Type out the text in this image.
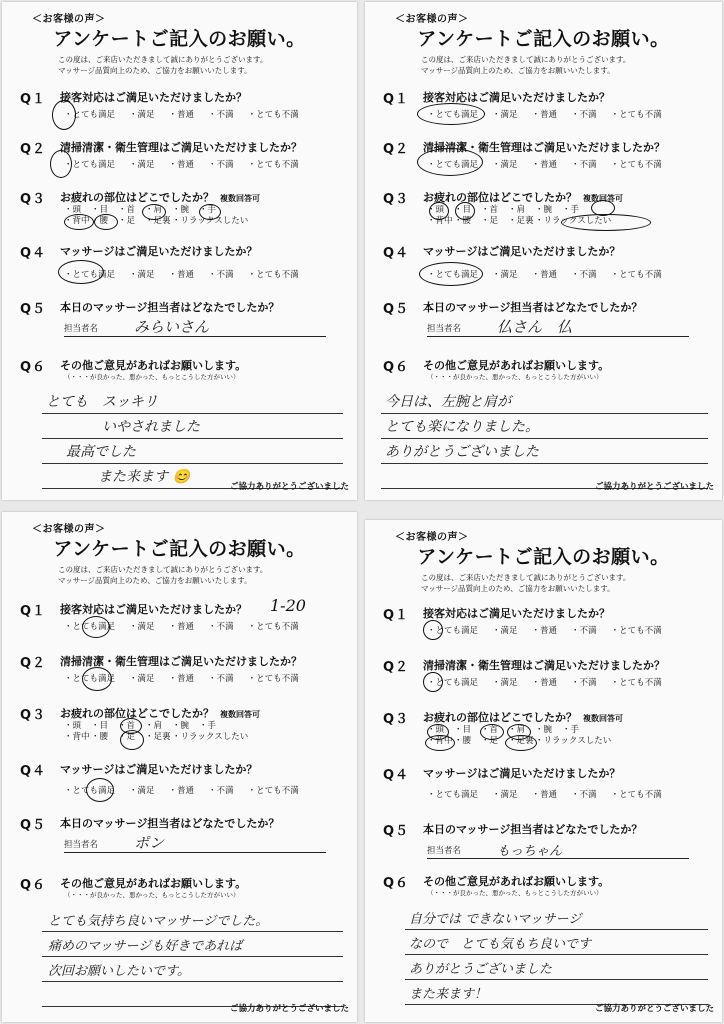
＜お客様の声＞
アンケートご記入のお願い。
この度は、ご来店いただきまして誠にありがとうございます。
マッサージ品質向上のため、ご協力をお願いいたします。
Q１ 接客対応はご満足いただけましたか？
・とても満足 ・満足 ・普通 ・不満 ・とても不満
Q２ 清掃清潔・衛生管理はご満足いただけましたか？
・とても満足 ・満足 ・普通 ・不満 ・とても不満
Q３ お疲れの部位はどこでしたか？ 複数回答可
・頭 ・目 ・首 ・肩 ・腕 ・手
・背中・腰 ・足 ・足裏・リラックスしたい
Q４ マッサージはご満足いただけましたか？
・とても満足 ・満足 ・普通 ・不満 ・とても不満
Q５ 本日のマッサージ担当者はどなたでしたか？
担当者名 みらいさん
Q６ その他ご意見があればお願いします。
（・・・が良かった、悪かった、もっとこうした方がいい）
とても　スッキリ
いやされました
最高でした
また来ます 😊
ご協力ありがとうございました
＜お客様の声＞
アンケートご記入のお願い。
この度は、ご来店いただきまして誠にありがとうございます。
マッサージ品質向上のため、ご協力をお願いいたします。
Q１ 接客対応はご満足いただけましたか？
・とても満足 ・満足 ・普通 ・不満 ・とても不満
Q２ 清掃清潔・衛生管理はご満足いただけましたか？
・とても満足 ・満足 ・普通 ・不満 ・とても不満
Q３ お疲れの部位はどこでしたか？ 複数回答可
・頭 ・目 ・首 ・肩 ・腕 ・手
・背中・腰 ・足 ・足裏・リラックスしたい
Q４ マッサージはご満足いただけましたか？
・とても満足 ・満足 ・普通 ・不満 ・とても不満
Q５ 本日のマッサージ担当者はどなたでしたか？
担当者名 仏さん　仏
Q６ その他ご意見があればお願いします。
（・・・が良かった、悪かった、もっとこうした方がいい）
今日は、左腕と肩が
とても楽になりました。
ありがとうございました
ご協力ありがとうございました
＜お客様の声＞
アンケートご記入のお願い。
この度は、ご来店いただきまして誠にありがとうございます。
マッサージ品質向上のため、ご協力をお願いいたします。
Q１ 接客対応はご満足いただけましたか？ 1-20
・とても満足 ・満足 ・普通 ・不満 ・とても不満
Q２ 清掃清潔・衛生管理はご満足いただけましたか？
・とても満足 ・満足 ・普通 ・不満 ・とても不満
Q３ お疲れの部位はどこでしたか？ 複数回答可
・頭 ・目 ・首 ・肩 ・腕 ・手
・背中・腰 ・足 ・足裏・リラックスしたい
Q４ マッサージはご満足いただけましたか？
・とても満足 ・満足 ・普通 ・不満 ・とても不満
Q５ 本日のマッサージ担当者はどなたでしたか？
担当者名 ポン
Q６ その他ご意見があればお願いします。
（・・・が良かった、悪かった、もっとこうした方がいい）
とても気持ち良いマッサージでした。
痛めのマッサージも好きであれば
次回お願いしたいです。
ご協力ありがとうございました
＜お客様の声＞
アンケートご記入のお願い。
この度は、ご来店いただきまして誠にありがとうございます。
マッサージ品質向上のため、ご協力をお願いいたします。
Q１ 接客対応はご満足いただけましたか？
・とても満足 ・満足 ・普通 ・不満 ・とても不満
Q２ 清掃清潔・衛生管理はご満足いただけましたか？
・とても満足 ・満足 ・普通 ・不満 ・とても不満
Q３ お疲れの部位はどこでしたか？ 複数回答可
・頭 ・目 ・首 ・肩 ・腕 ・手
・背中・腰 ・足 ・足裏・リラックスしたい
Q４ マッサージはご満足いただけましたか？
・とても満足 ・満足 ・普通 ・不満 ・とても不満
Q５ 本日のマッサージ担当者はどなたでしたか？
担当者名	もっちゃん
Q６ その他ご意見があればお願いします。
（・・・が良かった、悪かった、もっとこうした方がいい）
自分では できないマッサージ
なので　とても気もち良いです
ありがとうございました
また来ます！
ご協力ありがとうございました
